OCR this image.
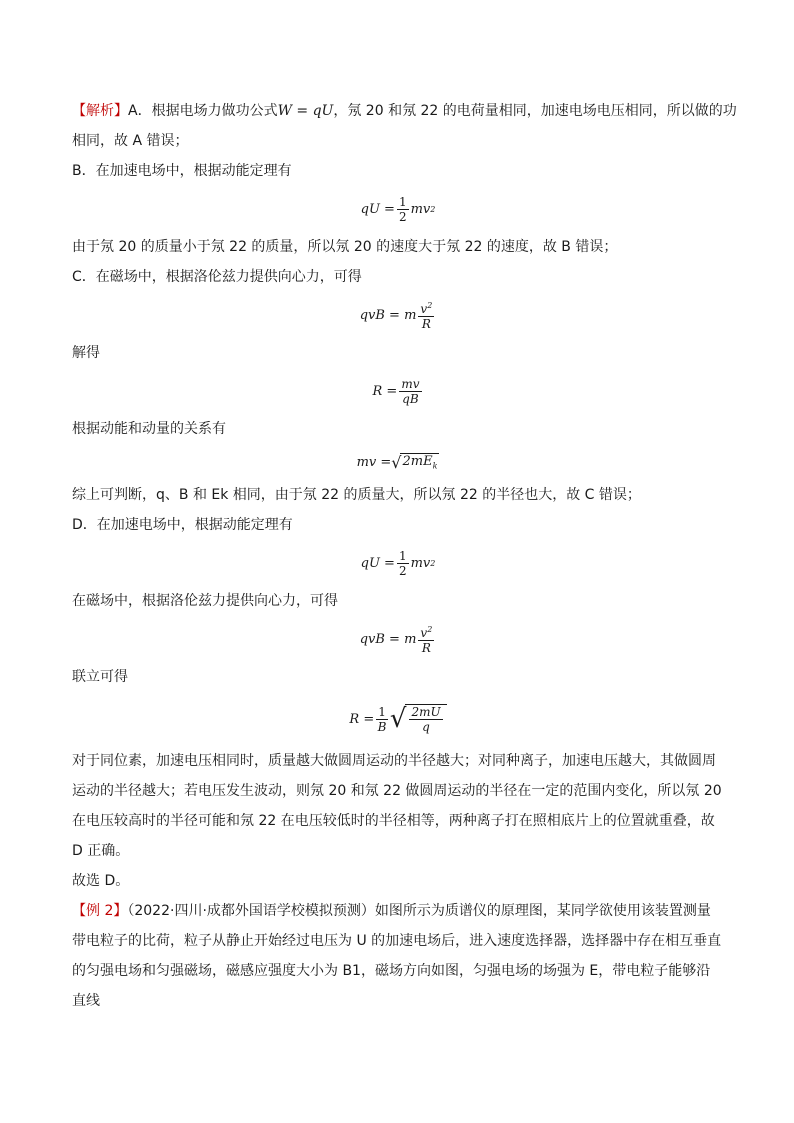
【解析】A．根据电场力做功公式W = qU，氖 20 和氖 22 的电荷量相同，加速电场电压相同，所以做的功
相同，故 A 错误；
B．在加速电场中，根据动能定理有
qU = $\frac{1}{2}$ mv 2
由于氖 20 的质量小于氖 22 的质量，所以氖 20 的速度大于氖 22 的速度，故 B 错误；
C．在磁场中，根据洛伦兹力提供向心力，可得
qvB = m $\frac{v^2}{R}$
解得
$R = \frac{mv}{qB}$
根据动能和动量的关系有
mv = √ $2mE_k$
综上可判断，q、B 和 Ek 相同，由于氖 22 的质量大，所以氖 22 的半径也大，故 C 错误；
D．在加速电场中，根据动能定理有
qU = $\frac{1}{2}$ mv 2
在磁场中，根据洛伦兹力提供向心力，可得
qvB = m $\frac{v^2}{R}$
联立可得
$R = \frac{1}{B}$ √ $\frac{2mU}{q}$
对于同位素，加速电压相同时，质量越大做圆周运动的半径越大；对同种离子，加速电压越大，其做圆周运动的半径越大；若电压发生波动，则氖 20 和氖 22 做圆周运动的半径在一定的范围内变化，所以氖 20 在电压较高时的半径可能和氖 22 在电压较低时的半径相等，两种离子打在照相底片上的位置就重叠，故 D 正确。
故选 D。
【例 2】（2022·四川·成都外国语学校模拟预测）如图所示为质谱仪的原理图，某同学欲使用该装置测量带电粒子的比荷，粒子从静止开始经过电压为 U 的加速电场后，进入速度选择器，选择器中存在相互垂直的匀强电场和匀强磁场，磁感应强度大小为 B1，磁场方向如图，匀强电场的场强为 E，带电粒子能够沿直线
